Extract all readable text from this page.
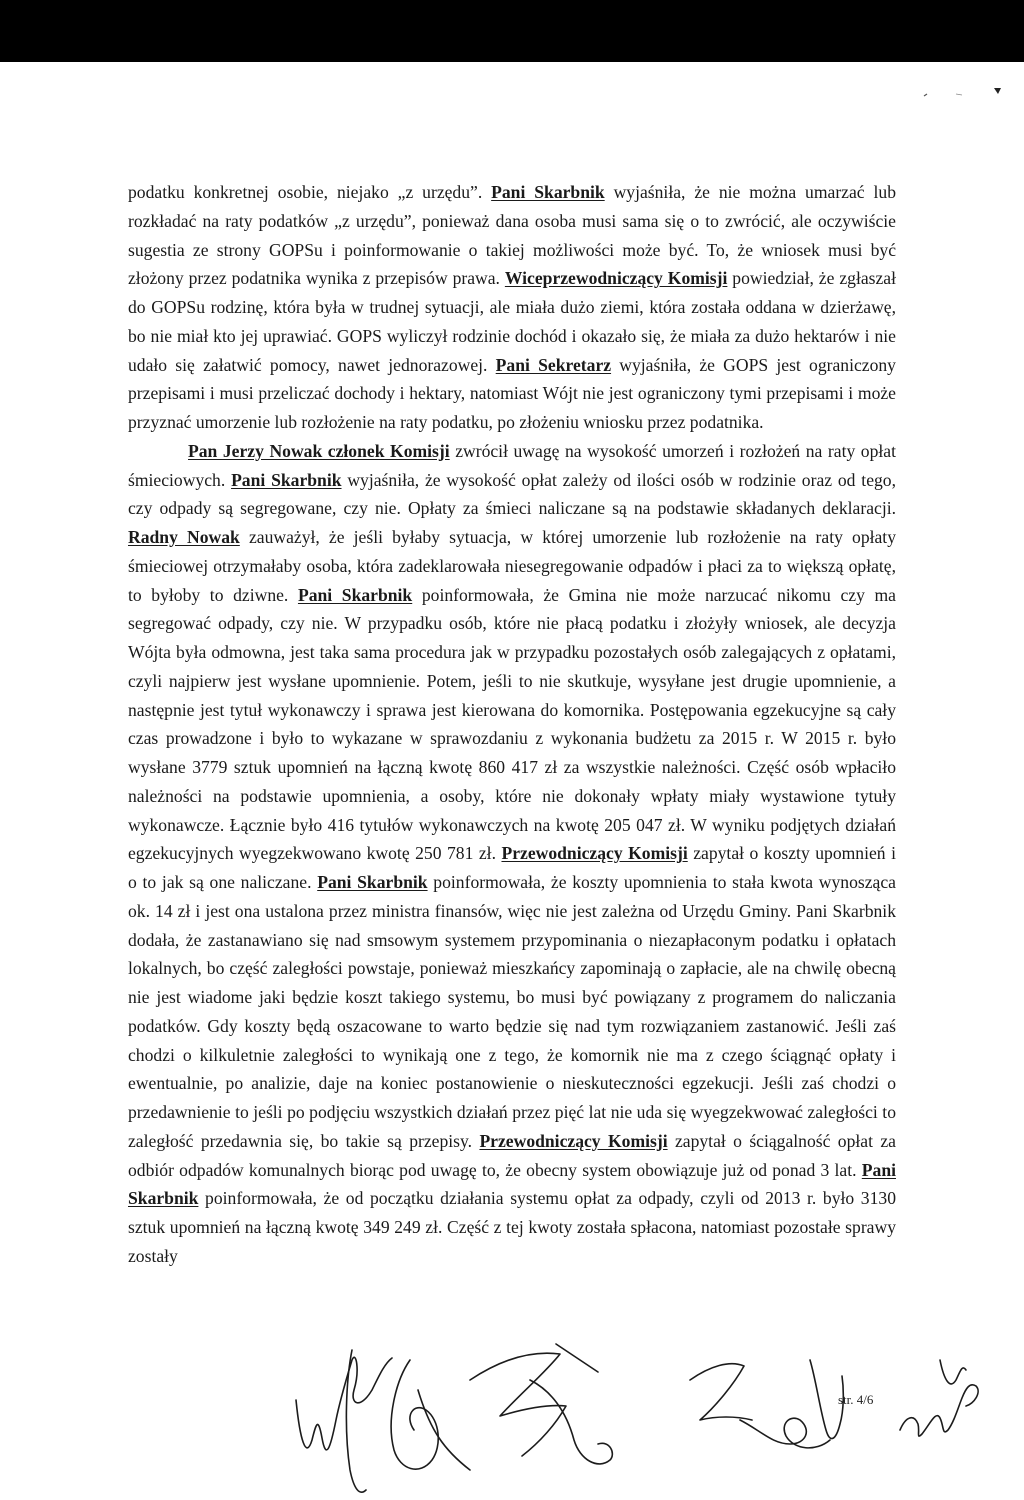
podatku konkretnej osobie, niejako „z urzędu”. Pani Skarbnik wyjaśniła, że nie można umarzać lub rozkładać na raty podatków „z urzędu”, ponieważ dana osoba musi sama się o to zwrócić, ale oczywiście sugestia ze strony GOPSu i poinformowanie o takiej możliwości może być. To, że wniosek musi być złożony przez podatnika wynika z przepisów prawa. Wiceprzewodniczący Komisji powiedział, że zgłaszał do GOPSu rodzinę, która była w trudnej sytuacji, ale miała dużo ziemi, która została oddana w dzierżawę, bo nie miał kto jej uprawiać. GOPS wyliczył rodzinie dochód i okazało się, że miała za dużo hektarów i nie udało się załatwić pomocy, nawet jednorazowej. Pani Sekretarz wyjaśniła, że GOPS jest ograniczony przepisami i musi przeliczać dochody i hektary, natomiast Wójt nie jest ograniczony tymi przepisami i może przyznać umorzenie lub rozłożenie na raty podatku, po złożeniu wniosku przez podatnika.

Pan Jerzy Nowak członek Komisji zwrócił uwagę na wysokość umorzeń i rozłożeń na raty opłat śmieciowych. Pani Skarbnik wyjaśniła, że wysokość opłat zależy od ilości osób w rodzinie oraz od tego, czy odpady są segregowane, czy nie. Opłaty za śmieci naliczane są na podstawie składanych deklaracji. Radny Nowak zauważył, że jeśli byłaby sytuacja, w której umorzenie lub rozłożenie na raty opłaty śmieciowej otrzymałaby osoba, która zadeklarowała niesegregowanie odpadów i płaci za to większą opłatę, to byłoby to dziwne. Pani Skarbnik poinformowała, że Gmina nie może narzucać nikomu czy ma segregować odpady, czy nie. W przypadku osób, które nie płacą podatku i złożyły wniosek, ale decyzja Wójta była odmowna, jest taka sama procedura jak w przypadku pozostałych osób zalegających z opłatami, czyli najpierw jest wysłane upomnienie. Potem, jeśli to nie skutkuje, wysyłane jest drugie upomnienie, a następnie jest tytuł wykonawczy i sprawa jest kierowana do komornika. Postępowania egzekucyjne są cały czas prowadzone i było to wykazane w sprawozdaniu z wykonania budżetu za 2015 r. W 2015 r. było wysłane 3779 sztuk upomnień na łączną kwotę 860 417 zł za wszystkie należności. Część osób wpłaciło należności na podstawie upomnienia, a osoby, które nie dokonały wpłaty miały wystawione tytuły wykonawcze. Łącznie było 416 tytułów wykonawczych na kwotę 205 047 zł. W wyniku podjętych działań egzekucyjnych wyegzekwowano kwotę 250 781 zł. Przewodniczący Komisji zapytał o koszty upomnień i o to jak są one naliczane. Pani Skarbnik poinformowała, że koszty upomnienia to stała kwota wynosząca ok. 14 zł i jest ona ustalona przez ministra finansów, więc nie jest zależna od Urzędu Gminy. Pani Skarbnik dodała, że zastanawiano się nad smsowym systemem przypominania o niezapłaconym podatku i opłatach lokalnych, bo część zaległości powstaje, ponieważ mieszkańcy zapominają o zapłacie, ale na chwilę obecną nie jest wiadome jaki będzie koszt takiego systemu, bo musi być powiązany z programem do naliczania podatków. Gdy koszty będą oszacowane to warto będzie się nad tym rozwiązaniem zastanowić. Jeśli zaś chodzi o kilkuletnie zaległości to wynikają one z tego, że komornik nie ma z czego ściągnąć opłaty i ewentualnie, po analizie, daje na koniec postanowienie o nieskuteczności egzekucji. Jeśli zaś chodzi o przedawnienie to jeśli po podjęciu wszystkich działań przez pięć lat nie uda się wyegzekwować zaległości to zaległość przedawnia się, bo takie są przepisy. Przewodniczący Komisji zapytał o ściągalność opłat za odbiór odpadów komunalnych biorąc pod uwagę to, że obecny system obowiązuje już od ponad 3 lat. Pani Skarbnik poinformowała, że od początku działania systemu opłat za odpady, czyli od 2013 r. było 3130 sztuk upomnień na łączną kwotę 349 249 zł. Część z tej kwoty została spłacona, natomiast pozostałe sprawy zostały

str. 4/6
